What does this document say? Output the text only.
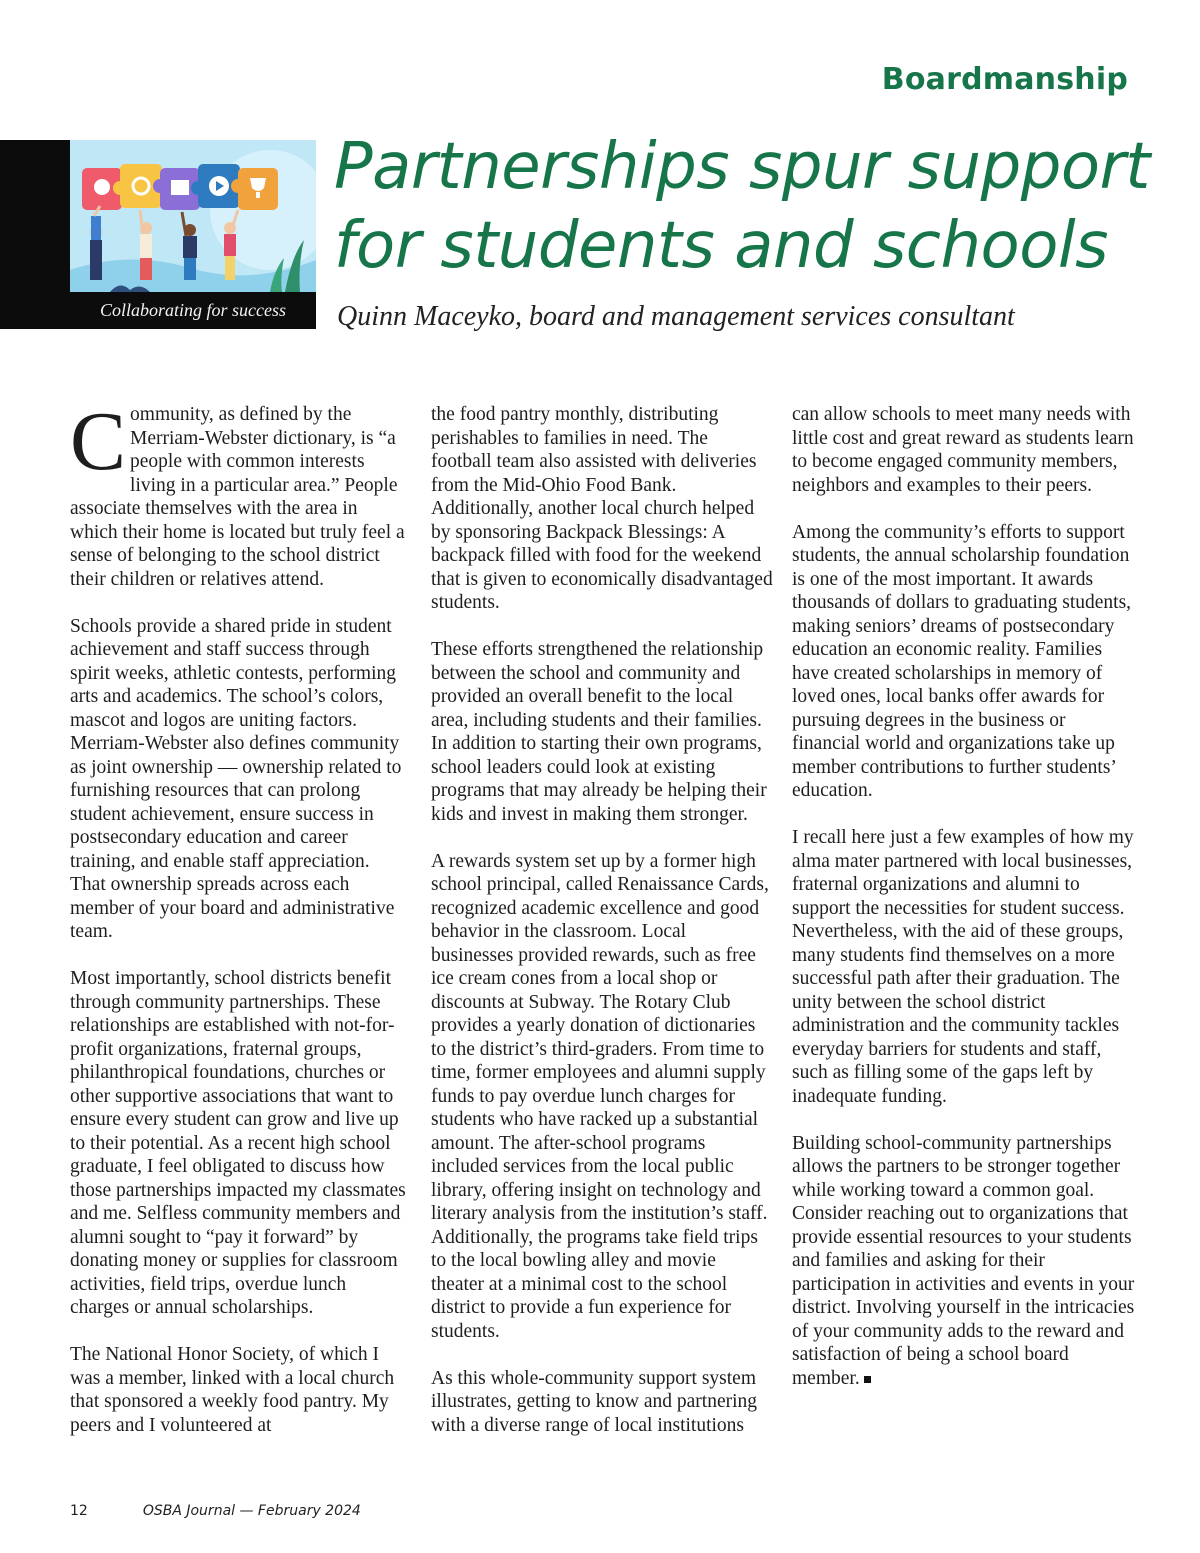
Boardmanship
Collaborating for success
Partnerships spur support
for students and schools
Quinn Maceyko, board and management services consultant

Community, as defined by the Merriam-Webster dictionary, is “a people with common interests living in a particular area.” People associate themselves with the area in which their home is located but truly feel a sense of belonging to the school district their children or relatives attend.

Schools provide a shared pride in student achievement and staff success through spirit weeks, athletic contests, performing arts and academics. The school’s colors, mascot and logos are uniting factors. Merriam-Webster also defines community as joint ownership — ownership related to furnishing resources that can prolong student achievement, ensure success in postsecondary education and career training, and enable staff appreciation. That ownership spreads across each member of your board and administrative team.

Most importantly, school districts benefit through community partnerships. These relationships are established with not-for-profit organizations, fraternal groups, philanthropical foundations, churches or other supportive associations that want to ensure every student can grow and live up to their potential. As a recent high school graduate, I feel obligated to discuss how those partnerships impacted my classmates and me. Selfless community members and alumni sought to “pay it forward” by donating money or supplies for classroom activities, field trips, overdue lunch charges or annual scholarships.

The National Honor Society, of which I was a member, linked with a local church that sponsored a weekly food pantry. My peers and I volunteered at

the food pantry monthly, distributing perishables to families in need. The football team also assisted with deliveries from the Mid-Ohio Food Bank. Additionally, another local church helped by sponsoring Backpack Blessings: A backpack filled with food for the weekend that is given to economically disadvantaged students.

These efforts strengthened the relationship between the school and community and provided an overall benefit to the local area, including students and their families. In addition to starting their own programs, school leaders could look at existing programs that may already be helping their kids and invest in making them stronger.

A rewards system set up by a former high school principal, called Renaissance Cards, recognized academic excellence and good behavior in the classroom. Local businesses provided rewards, such as free ice cream cones from a local shop or discounts at Subway. The Rotary Club provides a yearly donation of dictionaries to the district’s third-graders. From time to time, former employees and alumni supply funds to pay overdue lunch charges for students who have racked up a substantial amount. The after-school programs included services from the local public library, offering insight on technology and literary analysis from the institution’s staff. Additionally, the programs take field trips to the local bowling alley and movie theater at a minimal cost to the school district to provide a fun experience for students.

As this whole-community support system illustrates, getting to know and partnering with a diverse range of local institutions

can allow schools to meet many needs with little cost and great reward as students learn to become engaged community members, neighbors and examples to their peers.

Among the community’s efforts to support students, the annual scholarship foundation is one of the most important. It awards thousands of dollars to graduating students, making seniors’ dreams of postsecondary education an economic reality. Families have created scholarships in memory of loved ones, local banks offer awards for pursuing degrees in the business or financial world and organizations take up member contributions to further students’ education.

I recall here just a few examples of how my alma mater partnered with local businesses, fraternal organizations and alumni to support the necessities for student success. Nevertheless, with the aid of these groups, many students find themselves on a more successful path after their graduation. The unity between the school district administration and the community tackles everyday barriers for students and staff, such as filling some of the gaps left by inadequate funding.

Building school-community partnerships allows the partners to be stronger together while working toward a common goal. Consider reaching out to organizations that provide essential resources to your students and families and asking for their participation in activities and events in your district. Involving yourself in the intricacies of your community adds to the reward and satisfaction of being a school board member.

12	OSBA Journal — February 2024
